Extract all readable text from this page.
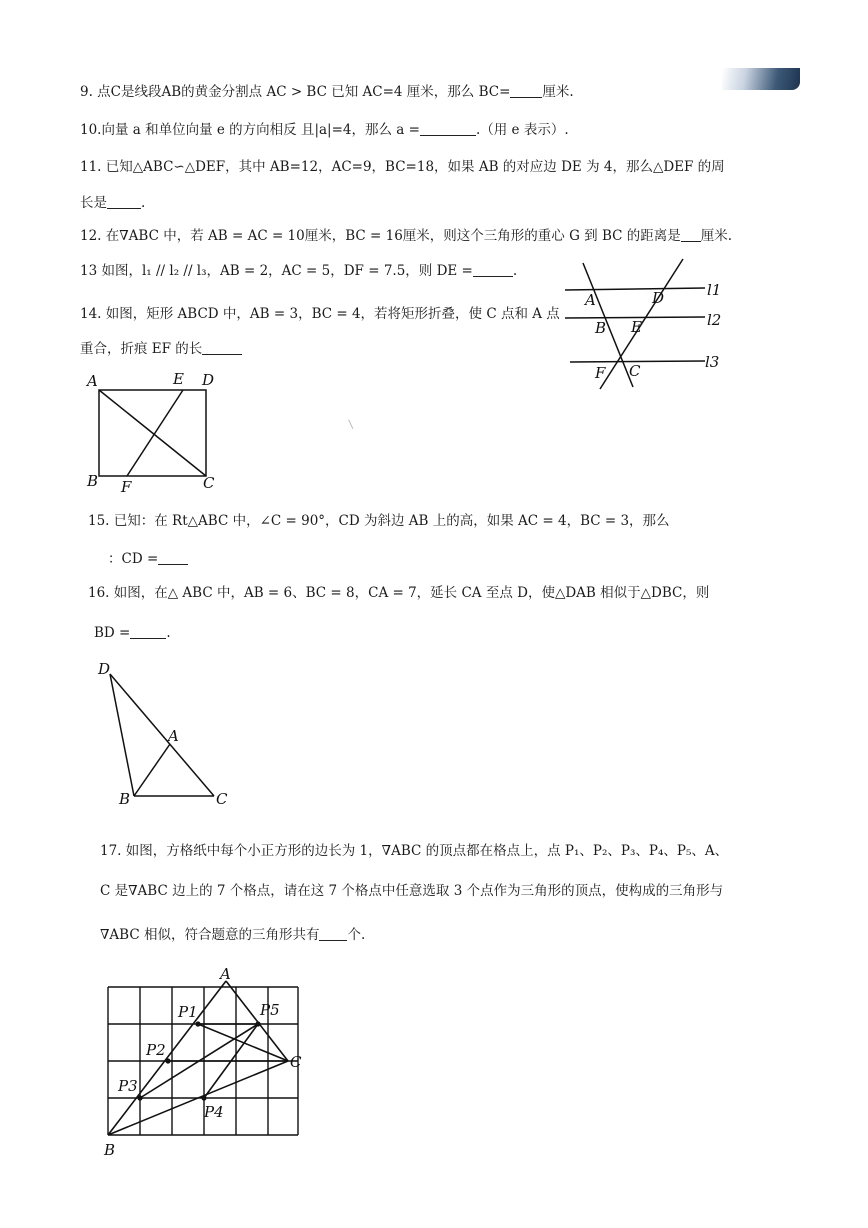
9. 点C是线段AB的黄金分割点 AC > BC 已知 AC=4 厘米，那么 BC= 厘米.
10.向量 a 和单位向量 e 的方向相反 且|a|=4，那么 a =	.（用 e 表示）.
11. 已知△ABC∽△DEF，其中 AB=12，AC=9，BC=18，如果 AB 的对应边 DE 为 4，那么△DEF 的周
长是	.
12. 在∇ABC 中，若 AB = AC = 10厘米，BC = 16厘米，则这个三角形的重心 G 到 BC 的距离是 厘米.
13 如图，l₁ // l₂ // l₃，AB = 2，AC = 5，DF = 7.5，则 DE =	.
14. 如图，矩形 ABCD 中，AB = 3，BC = 4，若将矩形折叠，使 C 点和 A 点
重合，折痕 EF 的长
A	D	l1
B E	l2
F C	l3
A	E D
B F	C
15. 已知：在 Rt△ABC 中，∠C = 90°，CD 为斜边 AB 上的高，如果 AC = 4，BC = 3，那么
：CD =
16. 如图，在△ ABC 中，AB = 6、BC = 8，CA = 7，延长 CA 至点 D，使△DAB 相似于△DBC，则
BD =	.
D
A
B	C
17. 如图，方格纸中每个小正方形的边长为 1，∇ABC 的顶点都在格点上，点 P₁、P₂、P₃、P₄、P₅、A、
C 是∇ABC 边上的 7 个格点，请在这 7 个格点中任意选取 3 个点作为三角形的顶点，使构成的三角形与
∇ABC 相似，符合题意的三角形共有 个.
A
P1	P5
P2
C
P3
P4
B
